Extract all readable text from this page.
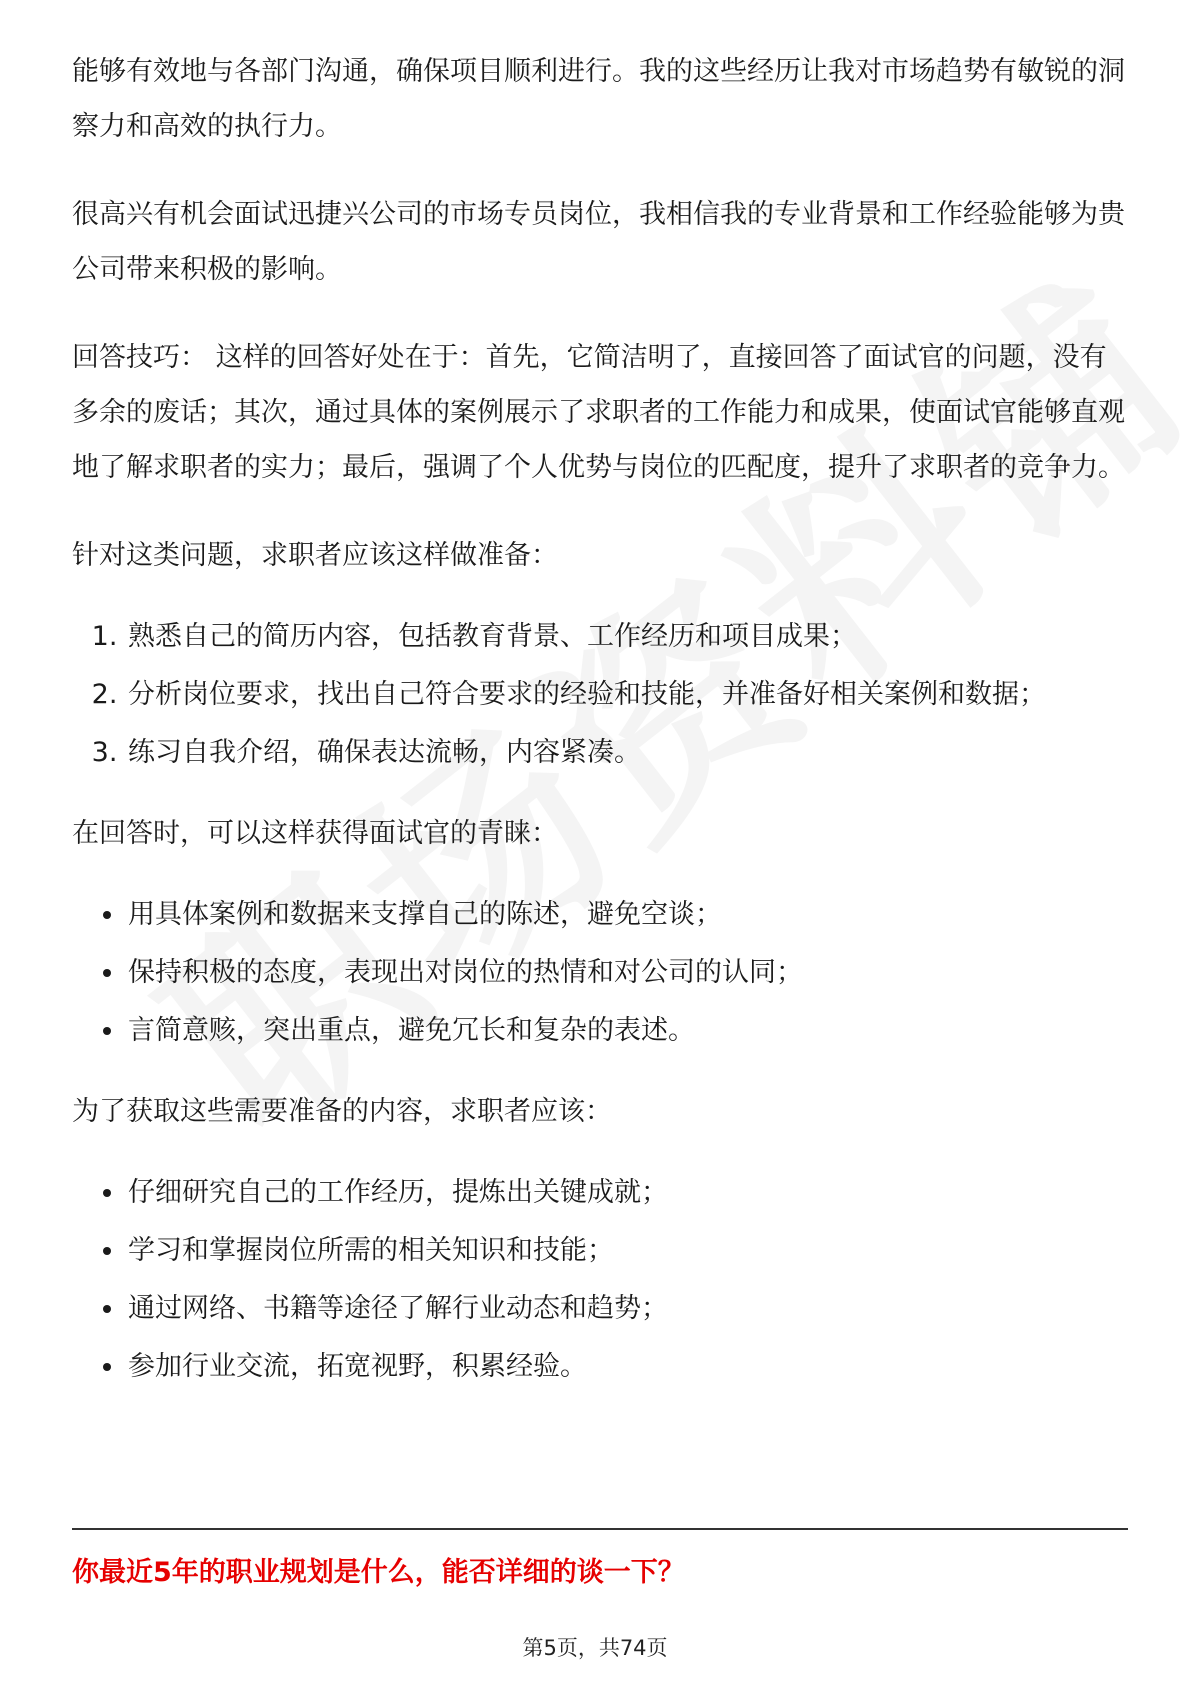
能够有效地与各部门沟通，确保项目顺利进行。我的这些经历让我对市场趋势有敏锐的洞察力和高效的执行力。

很高兴有机会面试迅捷兴公司的市场专员岗位，我相信我的专业背景和工作经验能够为贵公司带来积极的影响。

回答技巧： 这样的回答好处在于：首先，它简洁明了，直接回答了面试官的问题，没有多余的废话；其次，通过具体的案例展示了求职者的工作能力和成果，使面试官能够直观地了解求职者的实力；最后，强调了个人优势与岗位的匹配度，提升了求职者的竞争力。

针对这类问题，求职者应该这样做准备：

1. 熟悉自己的简历内容，包括教育背景、工作经历和项目成果；
2. 分析岗位要求，找出自己符合要求的经验和技能，并准备好相关案例和数据；
3. 练习自我介绍，确保表达流畅，内容紧凑。

在回答时，可以这样获得面试官的青睐：

• 用具体案例和数据来支撑自己的陈述，避免空谈；
• 保持积极的态度，表现出对岗位的热情和对公司的认同；
• 言简意赅，突出重点，避免冗长和复杂的表述。

为了获取这些需要准备的内容，求职者应该：

• 仔细研究自己的工作经历，提炼出关键成就；
• 学习和掌握岗位所需的相关知识和技能；
• 通过网络、书籍等途径了解行业动态和趋势；
• 参加行业交流，拓宽视野，积累经验。
你最近5年的职业规划是什么，能否详细的谈一下？
第5页，共74页
